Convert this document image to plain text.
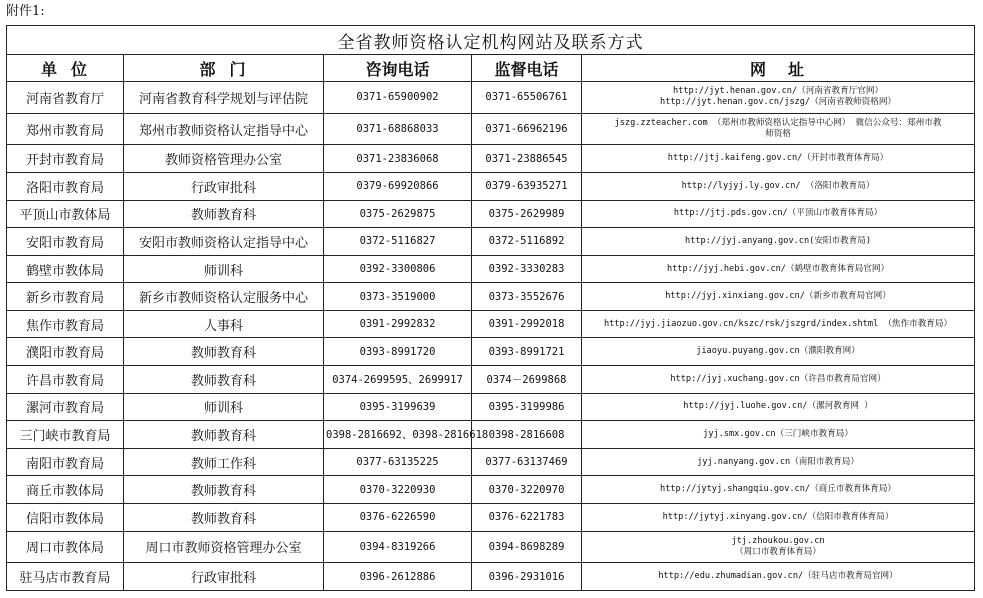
附件1:
全省教师资格认定机构网站及联系方式				
单位	部门	咨询电话	监督电话	网址
河南省教育厅	河南省教育科学规划与评估院	0371-65900902	0371-65506761	http://jyt.henan.gov.cn/（河南省教育厅官网）
http://jyt.henan.gov.cn/jszg/（河南省教师资格网）

郑州市教育局	郑州市教师资格认定指导中心	0371-68868033	0371-66962196	jszg.zzteacher.com （郑州市教师资格认定指导中心网） 微信公众号：郑州市教
师资格

开封市教育局	教师资格管理办公室	0371-23836068	0371-23886545	http://jtj.kaifeng.gov.cn/（开封市教育体育局）

洛阳市教育局	行政审批科	0379-69920866	0379-63935271	http://lyjyj.ly.gov.cn/ （洛阳市教育局）

平顶山市教体局	教师教育科	0375-2629875	0375-2629989	http://jtj.pds.gov.cn/（平顶山市教育体育局）

安阳市教育局	安阳市教师资格认定指导中心	0372-5116827	0372-5116892	http://jyj.anyang.gov.cn(安阳市教育局)

鹤壁市教体局	师训科	0392-3300806	0392-3330283	http://jyj.hebi.gov.cn/（鹤壁市教育体育局官网）

新乡市教育局	新乡市教师资格认定服务中心	0373-3519000	0373-3552676	http://jyj.xinxiang.gov.cn/（新乡市教育局官网）

焦作市教育局	人事科	0391-2992832	0391-2992018	http://jyj.jiaozuo.gov.cn/kszc/rsk/jszgrd/index.shtml （焦作市教育局）

濮阳市教育局	教师教育科	0393-8991720	0393-8991721	jiaoyu.puyang.gov.cn（濮阳教育网）

许昌市教育局	教师教育科	0374-2699595、2699917	0374－2699868	http://jyj.xuchang.gov.cn（许昌市教育局官网）

漯河市教育局	师训科	0395-3199639	0395-3199986	http://jyj.luohe.gov.cn/（漯河教育网 ）

三门峡市教育局	教师教育科	0398-2816692、0398-2816618	0398-2816608	jyj.smx.gov.cn（三门峡市教育局）

南阳市教育局	教师工作科	0377-63135225	0377-63137469	jyj.nanyang.gov.cn（南阳市教育局）

商丘市教体局	教师教育科	0370-3220930	0370-3220970	http://jytyj.shangqiu.gov.cn/（商丘市教育体育局）

信阳市教体局	教师教育科	0376-6226590	0376-6221783	http://jytyj.xinyang.gov.cn/（信阳市教育体育局）

周口市教体局	周口市教师资格管理办公室	0394-8319266	0394-8698289	jtj.zhoukou.gov.cn
（周口市教育体育局）

驻马店市教育局	行政审批科	0396-2612886	0396-2931016	http://edu.zhumadian.gov.cn/（驻马店市教育局官网）
